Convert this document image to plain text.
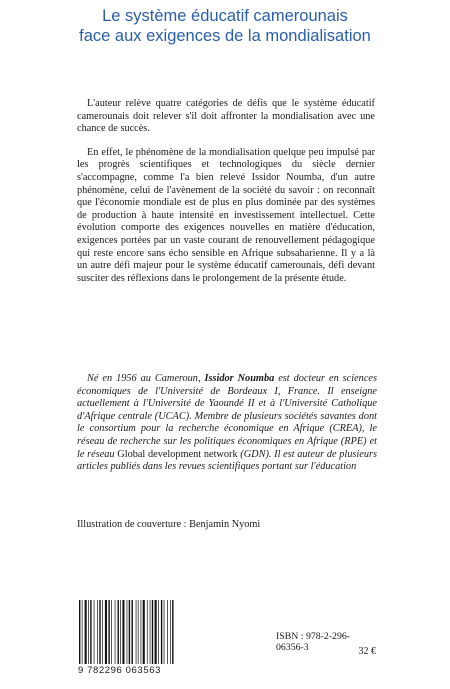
Le système éducatif camerounais
face aux exigences de la mondialisation

L'auteur relève quatre catégories de défis que le système éducatif camerounais doit relever s'il doit affronter la mondialisation avec une chance de succès.

En effet, le phénomène de la mondialisation quelque peu impulsé par les progrès scientifiques et technologiques du siècle dernier s'accompagne, comme l'a bien relevé Issidor Noumba, d'un autre phénomène, celui de l'avènement de la société du savoir : on reconnaît que l'économie mondiale est de plus en plus dominée par des systèmes de production à haute intensité en investissement intellectuel. Cette évolution comporte des exigences nouvelles en matière d'éducation, exigences portées par un vaste courant de renouvellement pédagogique qui reste encore sans écho sensible en Afrique subsaharienne. Il y a là un autre défi majeur pour le système éducatif camerounais, défi devant susciter des réflexions dans le prolongement de la présente étude.

Né en 1956 au Cameroun, Issidor Noumba est docteur en sciences économiques de l'Université de Bordeaux I, France. Il enseigne actuellement à l'Université de Yaoundé II et à l'Université Catholique d'Afrique centrale (UCAC). Membre de plusieurs sociétés savantes dont le consortium pour la recherche économique en Afrique (CREA), le réseau de recherche sur les politiques économiques en Afrique (RPE) et le réseau Global development network (GDN). Il est auteur de plusieurs articles publiés dans les revues scientifiques portant sur l'éducation

Illustration de couverture : Benjamin Nyomi
9 782296 063563
ISBN : 978-2-296-06356-3	32 €
